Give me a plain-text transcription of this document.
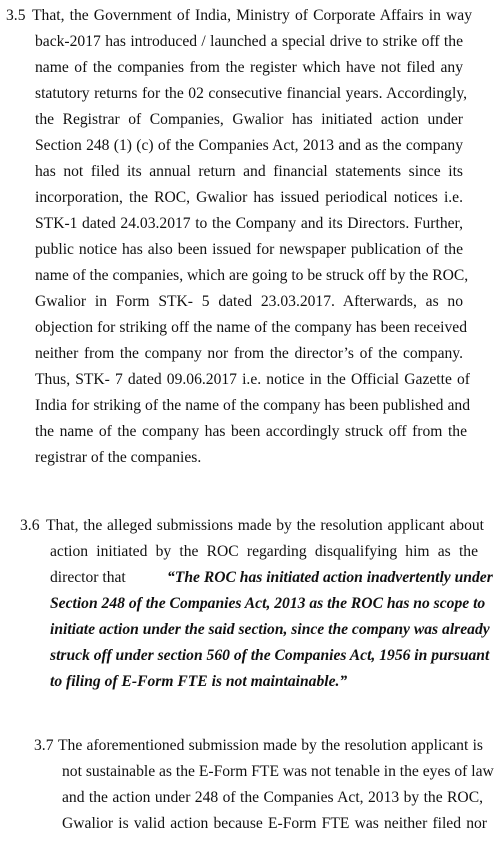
3.5 That, the Government of India, Ministry of Corporate Affairs in way
back-2017 has introduced / launched a special drive to strike off the
name of the companies from the register which have not filed any
statutory returns for the 02 consecutive financial years. Accordingly,
the Registrar of Companies, Gwalior has initiated action under
Section 248 (1) (c) of the Companies Act, 2013 and as the company
has not filed its annual return and financial statements since its
incorporation, the ROC, Gwalior has issued periodical notices i.e.
STK-1 dated 24.03.2017 to the Company and its Directors. Further,
public notice has also been issued for newspaper publication of the
name of the companies, which are going to be struck off by the ROC,
Gwalior in Form STK- 5 dated 23.03.2017. Afterwards, as no
objection for striking off the name of the company has been received
neither from the company nor from the director’s of the company.
Thus, STK- 7 dated 09.06.2017 i.e. notice in the Official Gazette of
India for striking of the name of the company has been published and
the name of the company has been accordingly struck off from the
registrar of the companies.
3.6 That, the alleged submissions made by the resolution applicant about
action initiated by the ROC regarding disqualifying him as the
director that	“The ROC has initiated action inadvertently under
Section 248 of the Companies Act, 2013 as the ROC has no scope to
initiate action under the said section, since the company was already
struck off under section 560 of the Companies Act, 1956 in pursuant
to filing of E-Form FTE is not maintainable.”
3.7 The aforementioned submission made by the resolution applicant is
not sustainable as the E-Form FTE was not tenable in the eyes of law
and the action under 248 of the Companies Act, 2013 by the ROC,
Gwalior is valid action because E-Form FTE was neither filed nor
